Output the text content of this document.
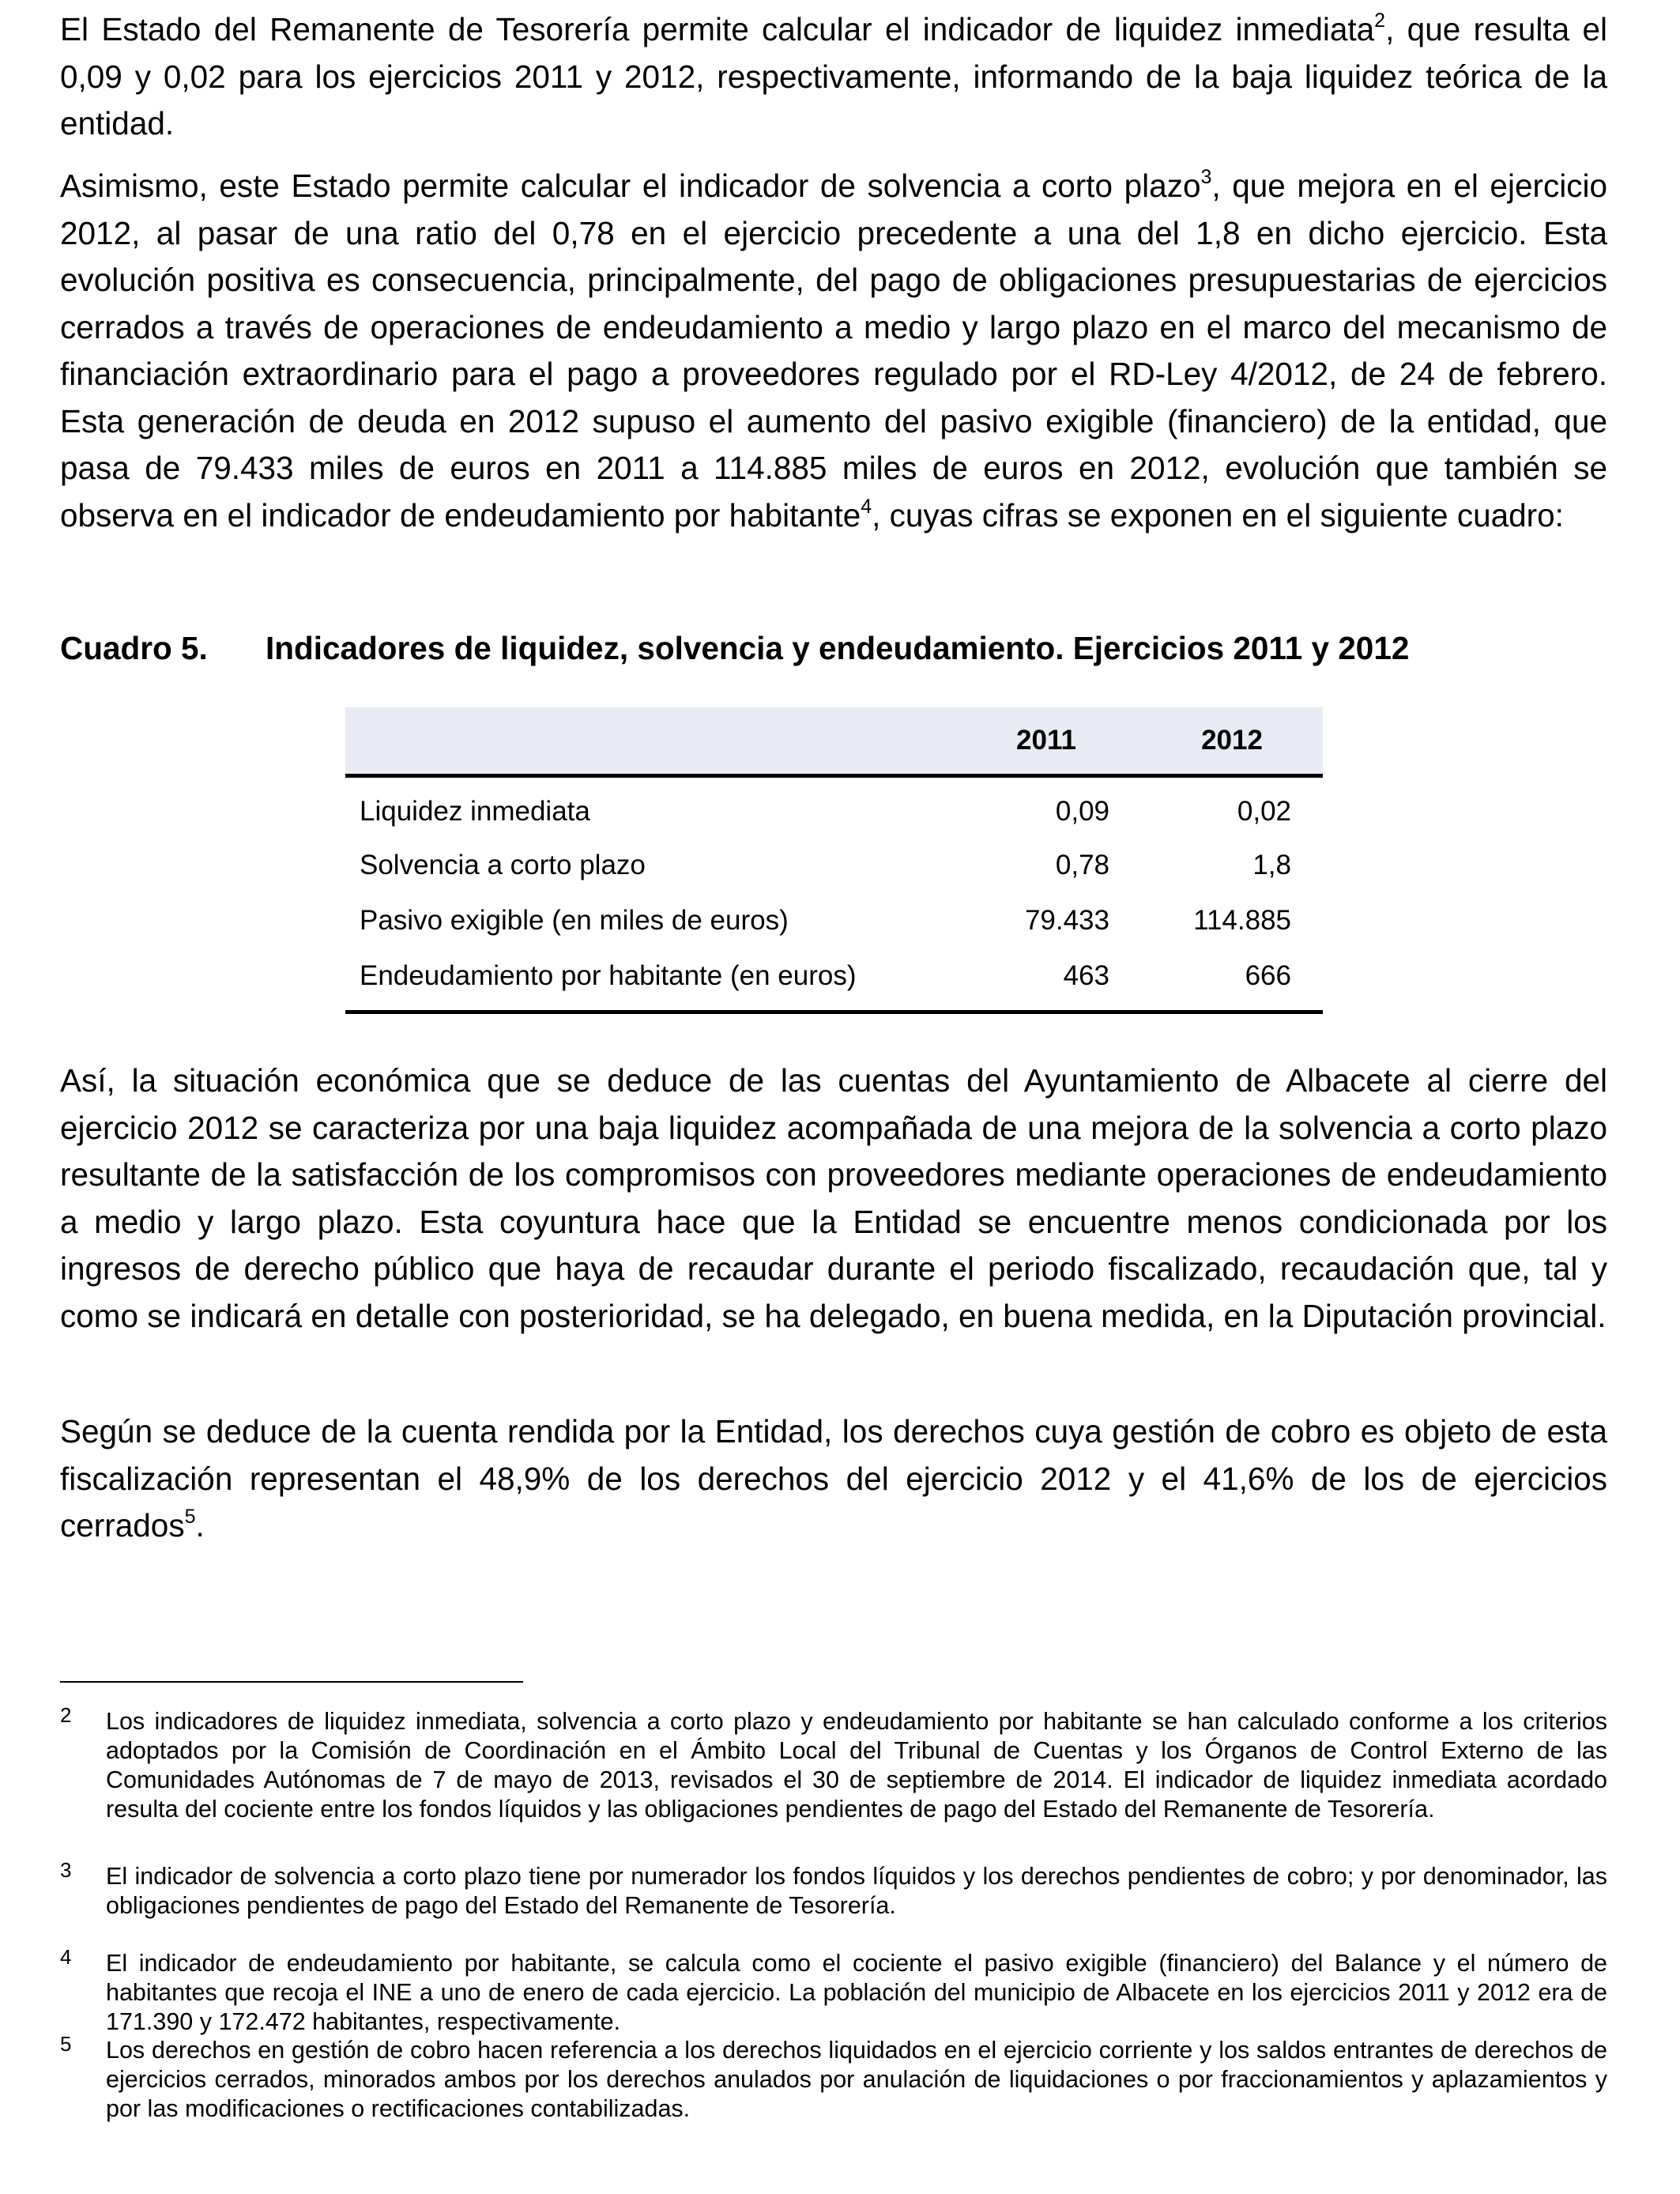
El Estado del Remanente de Tesorería permite calcular el indicador de liquidez inmediata$^2$, que resulta el 0,09 y 0,02 para los ejercicios 2011 y 2012, respectivamente, informando de la baja liquidez teórica de la entidad.

Asimismo, este Estado permite calcular el indicador de solvencia a corto plazo$^3$, que mejora en el ejercicio 2012, al pasar de una ratio del 0,78 en el ejercicio precedente a una del 1,8 en dicho ejercicio. Esta evolución positiva es consecuencia, principalmente, del pago de obligaciones presupuestarias de ejercicios cerrados a través de operaciones de endeudamiento a medio y largo plazo en el marco del mecanismo de financiación extraordinario para el pago a proveedores regulado por el RD-Ley 4/2012, de 24 de febrero. Esta generación de deuda en 2012 supuso el aumento del pasivo exigible (financiero) de la entidad, que pasa de 79.433 miles de euros en 2011 a 114.885 miles de euros en 2012, evolución que también se observa en el indicador de endeudamiento por habitante$^4$, cuyas cifras se exponen en el siguiente cuadro:

Cuadro 5. Indicadores de liquidez, solvencia y endeudamiento. Ejercicios 2011 y 2012
	2011	2012
Liquidez inmediata	0,09	0,02
Solvencia a corto plazo	0,78	1,8
Pasivo exigible (en miles de euros)	79.433	114.885
Endeudamiento por habitante (en euros)	463	666

Así, la situación económica que se deduce de las cuentas del Ayuntamiento de Albacete al cierre del ejercicio 2012 se caracteriza por una baja liquidez acompañada de una mejora de la solvencia a corto plazo resultante de la satisfacción de los compromisos con proveedores mediante operaciones de endeudamiento a medio y largo plazo. Esta coyuntura hace que la Entidad se encuentre menos condicionada por los ingresos de derecho público que haya de recaudar durante el periodo fiscalizado, recaudación que, tal y como se indicará en detalle con posterioridad, se ha delegado, en buena medida, en la Diputación provincial.

Según se deduce de la cuenta rendida por la Entidad, los derechos cuya gestión de cobro es objeto de esta fiscalización representan el 48,9% de los derechos del ejercicio 2012 y el 41,6% de los de ejercicios cerrados$^5$.

2 Los indicadores de liquidez inmediata, solvencia a corto plazo y endeudamiento por habitante se han calculado conforme a los criterios adoptados por la Comisión de Coordinación en el Ámbito Local del Tribunal de Cuentas y los Órganos de Control Externo de las Comunidades Autónomas de 7 de mayo de 2013, revisados el 30 de septiembre de 2014. El indicador de liquidez inmediata acordado resulta del cociente entre los fondos líquidos y las obligaciones pendientes de pago del Estado del Remanente de Tesorería.
3 El indicador de solvencia a corto plazo tiene por numerador los fondos líquidos y los derechos pendientes de cobro; y por denominador, las obligaciones pendientes de pago del Estado del Remanente de Tesorería.
4 El indicador de endeudamiento por habitante, se calcula como el cociente el pasivo exigible (financiero) del Balance y el número de habitantes que recoja el INE a uno de enero de cada ejercicio. La población del municipio de Albacete en los ejercicios 2011 y 2012 era de 171.390 y 172.472 habitantes, respectivamente.
5 Los derechos en gestión de cobro hacen referencia a los derechos liquidados en el ejercicio corriente y los saldos entrantes de derechos de ejercicios cerrados, minorados ambos por los derechos anulados por anulación de liquidaciones o por fraccionamientos y aplazamientos y por las modificaciones o rectificaciones contabilizadas.
